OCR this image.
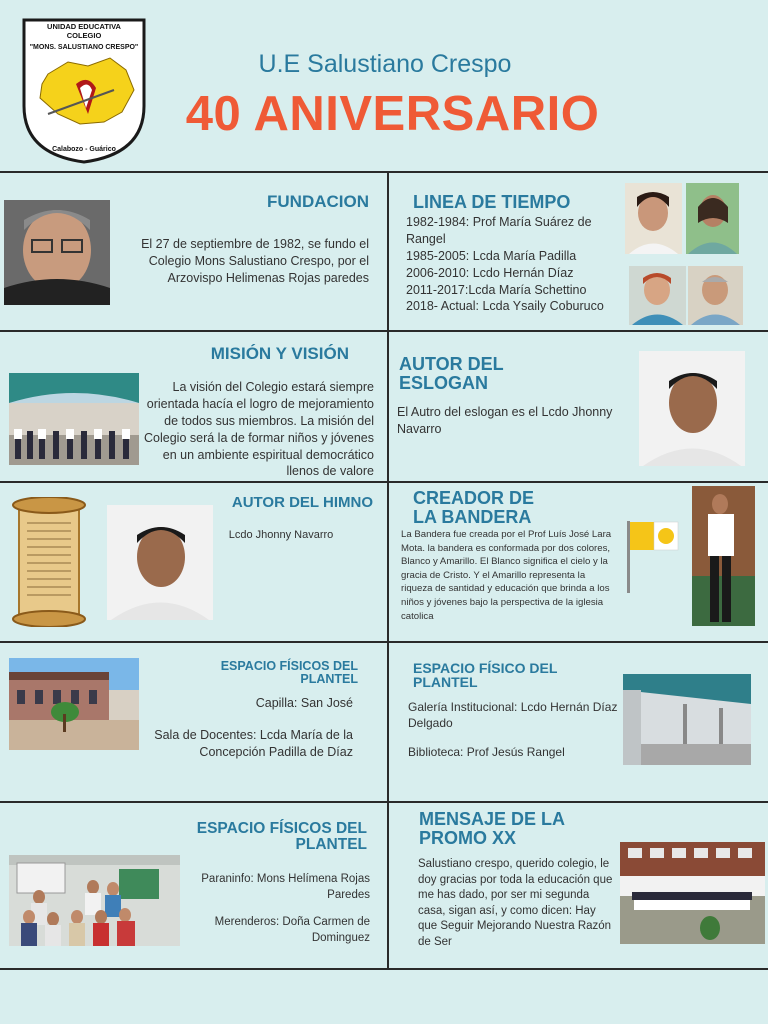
UNIDAD EDUCATIVA
COLEGIO
"MONS. SALUSTIANO CRESPO"
Calabozo - Guárico
U.E Salustiano Crespo
40 ANIVERSARIO
FUNDACION
El 27 de septiembre de 1982, se fundo el Colegio Mons Salustiano Crespo, por el Arzovispo Helimenas Rojas paredes
LINEA DE TIEMPO
1982-1984: Prof María Suárez de Rangel
1985-2005: Lcda María Padilla
2006-2010: Lcdo Hernán Díaz
2011-2017:Lcda María Schettino
2018- Actual: Lcda Ysaily Coburuco
MISIÓN Y VISIÓN
La visión del Colegio estará siempre orientada hacía el logro de mejoramiento de todos sus miembros. La misión del Colegio será la de formar niños y jóvenes en un ambiente espiritual democrático llenos de valore
AUTOR DEL
ESLOGAN
El Autro del eslogan es el Lcdo Jhonny Navarro
AUTOR DEL HIMNO
Lcdo Jhonny Navarro
CREADOR DE
LA BANDERA
La Bandera fue creada por el Prof Luís José Lara Mota. la bandera es conformada por dos colores, Blanco y Amarillo. El Blanco significa el cielo y la gracia de Cristo. Y el Amarillo representa la riqueza de santidad y educación que brinda a los niños y jóvenes bajo la perspectiva de la iglesia catolica
ESPACIO FÍSICOS DEL
PLANTEL
Capilla: San José
Sala de Docentes: Lcda María de la Concepción Padilla de Díaz
ESPACIO FÍSICO DEL
PLANTEL
Galería Institucional: Lcdo Hernán Díaz Delgado
Biblioteca: Prof Jesús Rangel
ESPACIO FÍSICOS DEL
PLANTEL
Paraninfo: Mons Helímena Rojas Paredes
Merenderos: Doña Carmen de Dominguez
MENSAJE DE LA
PROMO XX
Salustiano crespo, querido colegio, le doy gracias por toda la educación que me has dado, por ser mi segunda casa, sigan así, y como dicen: Hay que Seguir Mejorando Nuestra Razón de Ser
